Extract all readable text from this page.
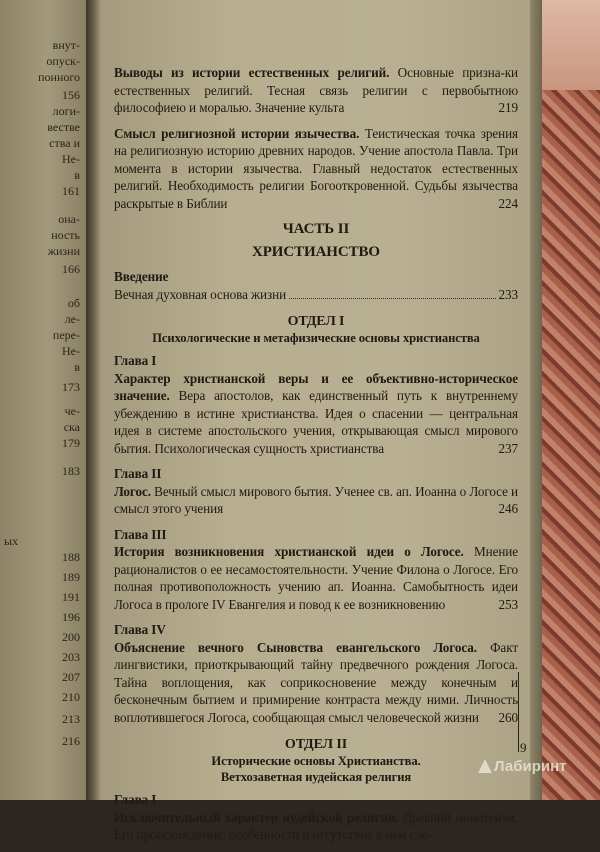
внут-
опуск-
понного
156
логи-
вестве
ства и
Не-
в
161
она-
ность
жизни
166
об
ле-
пере-
Не-
в
173
че-
ска
179
183
ых
188
189
191
196
200
203
207
210
213
216
Выводы из истории естественных религий. Основные призна-ки естественных религий. Тесная связь религии с первобытною философиею и моралью. Значение культа	219
Смысл религиозной истории язычества. Теистическая точка зрения на религиозную историю древних народов. Учение апостола Павла. Три момента в истории язычества. Главный недостаток естественных религий. Необходимость религии Богооткровенной. Судьбы язычества раскрытые в Библии	224
ЧАСТЬ II
ХРИСТИАНСТВО
Введение
Вечная духовная основа жизни	233
ОТДЕЛ I
Психологические и метафизические основы христианства
Глава I
Характер христианской веры и ее объективно-историческое значение. Вера апостолов, как единственный путь к внутреннему убеждению в истине христианства. Идея о спасении — центральная идея в системе апостольского учения, открывающая смысл мирового бытия. Психологическая сущность христианства	237
Глава II
Логос. Вечный смысл мирового бытия. Ученее св. ап. Иоанна о Логосе и смысл этого учения	246
Глава III
История возникновения христианской идеи о Логосе. Мнение рационалистов о ее несамостоятельности. Учение Филона о Логосе. Его полная противоположность учению ап. Иоанна. Самобытность идеи Логоса в прологе IV Евангелия и повод к ее возникновению	253
Глава IV
Объяснение вечного Сыновства евангельского Логоса. Факт лингвистики, приоткрывающий тайну предвечного рождения Логоса. Тайна воплощения, как соприкосновение между конечным и бесконечным бытием и примирение контраста между ними. Личность воплотившегося Логоса, сообщающая смысл человеческой жизни 260
ОТДЕЛ II
Исторические основы Христианства.
Ветхозаветная иудейская религия
Глава I
Исключительный характер иудейской религии. Древний монотеизм. Его происхождение, особенности и отсутствие в нем сле-
9
Лабиринт
